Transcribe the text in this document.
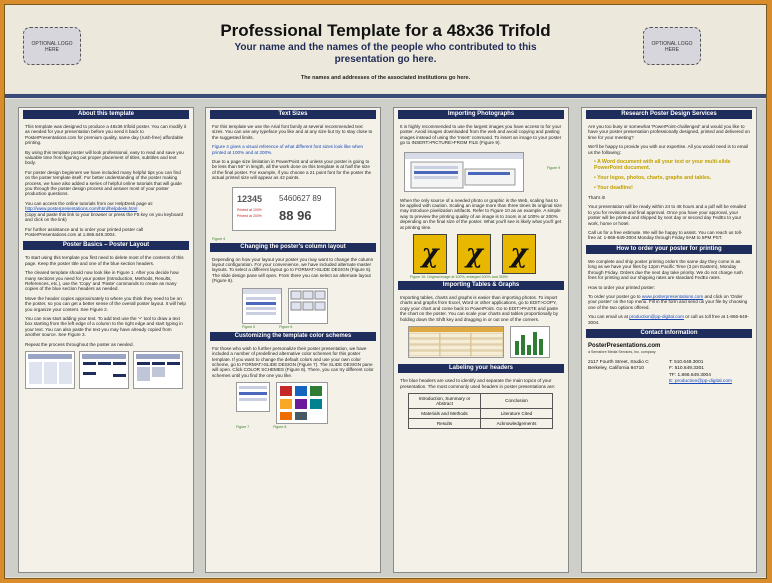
OPTIONAL LOGO HERE
Professional Template for a 48x36 Trifold
Your name and the names of the people who contributed to this presentation go here.
The names and addresses of the associated institutions go here.
OPTIONAL LOGO HERE
About this template

This template was designed to produce a 48x36 trifold poster. You can modify it as needed for your presentation before you send it back to PosterPresentations.com for premium quality, same day (rush-free) affordable printing.

By using this template poster will look professional, easy to read and save you valuable time from figuring out proper placement of titles, subtitles and text body.

For poster design beginners we have included many helpful tips you can find on the poster template itself. For better understanding of the poster making process, we have also added a series of helpful online tutorials that will guide you through the poster design process and answer most of your poster production questions.

You can access the online tutorials from our HelpDesk page at:
http://www.posterpresentations.com/html/helpdesk.html
(copy and paste this link to your browser or press the F5 key on you keyboard and click on the link)

For further assistance and to order your printed poster call PosterPresentations.com at 1.866.649.3004.

Poster Basics – Poster Layout

To start using this template you first need to delete most of the contents of this page. Keep the poster title and one of the blue section headers.

The cleared template should now look like in Figure 1. After you decide how many sections you need for your poster (Introduction, Methods, Results, References, etc.), use the 'Copy' and 'Paste' commands to create as many copies of the blue section headers as needed.

Move the header copies approximately to where you think they need to be on the poster, so you can get a better sense of the overall poster layout. It will help you organize your content. See Figure 2.

You can now start adding your text. To add text use the '+' tool to draw a text box starting from the left edge of a column to the right edge and start typing in your text. You can also paste the text you may have already copied from another source. See Figure 3.

Repeat the process throughout the poster as needed.

Text Sizes

For this template we use the Arial font family at several recommended text sizes. You can use any typeface you like and at any size but try to stay close to the suggested limits.

Figure 4 gives a visual reference of what different font sizes look like when printed at 100% and at 200%.

Due to a page size limitation in PowerPoint and unless your poster is going to be less than 56" in length, all the work done on this template is at half the size of the final poster. For example, if you choose a 21 point font for the poster the actual printed size will appear as 42 points.

12345 5460627 89
88 96
Printed at 100%
Printed at 200%

Figure 4

Changing the poster's column layout

Depending on how your layout your poster you may want to change the column layout configuration. For your convenience, we have included alternate master layouts. To select a different layout go to FORMAT>SLIDE DESIGN (Figure 5). The slide design pane will open. From there you can select an alternate layout (Figure 6).

Figure 5	Figure 6

Customizing the template color schemes

For those who wish to further personalize their poster presentation, we have included a number of predefined alternative color schemes for this poster template. If you want to change the default colors and use your own color scheme, go to FORMAT>SLIDE DESIGN (Figure 7). The SLIDE DESIGN pane will open. Click COLOR SCHEMES (Figure 8). There, you can try different color schemes until you find the one you like.

Figure 7	Figure 8

Importing Photographs

It is highly recommended to use the largest images you have access to for your poster. Avoid images downloaded from the web and avoid copying and pasting images instead of using the 'Insert' command. To insert an image to your poster go to INSERT>PICTURE>FROM FILE (Figure 9).

Figure 9

When the only source of a needed photo or graphic is the Web, scaling has to be applied with caution. Scaling an image more than three times its original size may introduce pixelization artifacts. Refer to Figure 10 as an example. A simple way to preview the printing quality of an image is to zoom in at 100% or 200% depending on the final size of the poster. What you'll see is likely what you'll get at printing time.

χ
χ
χ

Figure 10: Original image at 100%, enlarged 200% and 300%

Importing Tables & Graphs

Importing tables, charts and graphs is easier than importing photos. To import charts and graphs from Excel, Word or other applications, go to EDIT>COPY, copy your chart and come back to PowerPoint. Go to EDIT>PASTE and paste the chart on the poster. You can scale your charts and tables proportionally by holding down the Shift key and dragging in or out one of the corners.

Labeling your headers

The blue headers are used to identify and separate the main topics of your presentation. The most commonly used headers in poster presentations are:

Introduction, Summary or Abstract	Conclusion
Materials and Methods	Literature Cited
Results	Acknowledgements
Research Poster Design Services

Are you too busy or somewhat 'PowerPoint-challenged' and would you like to have your poster presentation professionally designed, printed and delivered on time for your meeting?

We'll be happy to provide you with our expertise. All you would need is to email us the following:

• A Word document with all your text or your multi-slide PowerPoint document.

• Your logos, photos, charts, graphs and tables.

• Your deadline!

That's it!

Your presentation will be ready within 24 to 48 hours and a pdf will be emailed to you for revisions and final approval. Once you have your approval, your poster will be printed and shipped by next day or second day FedEx to your work, home or hotel.

Call us for a free estimate. We will be happy to assist. You can reach us toll-free at: 1-866-649-3004 Monday through Friday 9AM to 5PM PST.

How to order your poster for printing

We complete and ship poster printing orders the same day they come in as long as we have your files by 12pm Pacific Time (3 pm Eastern), Monday through Friday. Orders due the next day take priority. We do not charge rush fees for printing and our shipping rates are standard FedEx rates.

How to order your printed poster:

To order your poster go to www.posterpresentations.com and click on 'Order your poster' on the top menu. Fill in the form and send us your file by choosing one of the two options offered.

You can email us at production@pp-digital.com or call us toll free at 1-866-649-3004.

Contact information

PosterPresentations.com

a Semafore Media Services, Inc. company

2117 Fourth Street, Studio C
Berkeley, California 94710
T: 510.649.3001
F: 510.649.3301
TF: 1.866.649.3004
E: production@pp-digital.com
